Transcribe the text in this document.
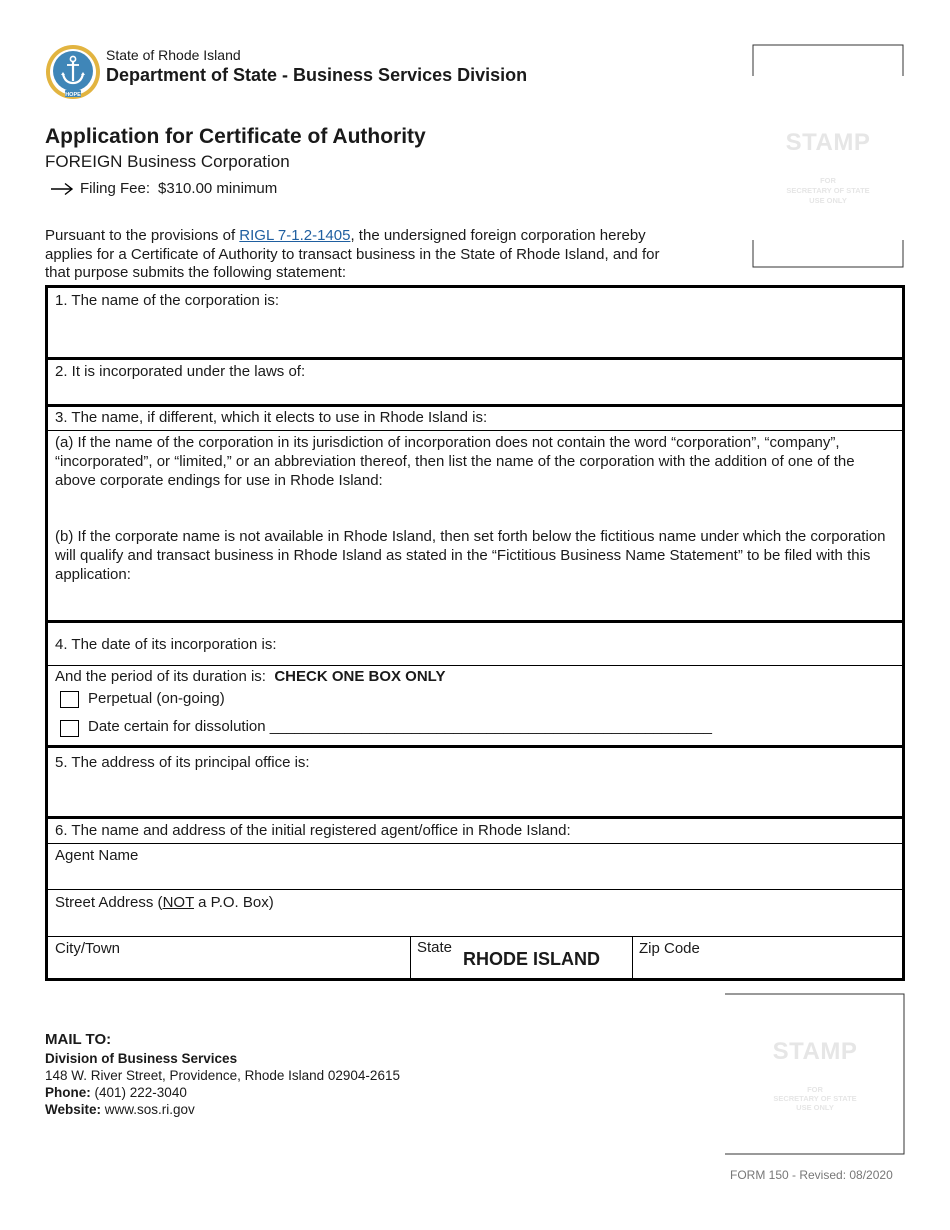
HOPE
State of Rhode Island
Department of State - Business Services Division
Application for Certificate of Authority
FOREIGN Business Corporation
Filing Fee: $310.00 minimum
STAMP
FOR
SECRETARY OF STATE
USE ONLY
Pursuant to the provisions of RIGL 7-1.2-1405, the undersigned foreign corporation hereby applies for a Certificate of Authority to transact business in the State of Rhode Island, and for that purpose submits the following statement:
1. The name of the corporation is:
2. It is incorporated under the laws of:
3. The name, if different, which it elects to use in Rhode Island is:
(a) If the name of the corporation in its jurisdiction of incorporation does not contain the word “corporation”, “company”, “incorporated”, or “limited,” or an abbreviation thereof, then list the name of the corporation with the addition of one of the above corporate endings for use in Rhode Island:
(b) If the corporate name is not available in Rhode Island, then set forth below the fictitious name under which the corporation will qualify and transact business in Rhode Island as stated in the “Fictitious Business Name Statement” to be filed with this application:
4. The date of its incorporation is:
And the period of its duration is: CHECK ONE BOX ONLY
Perpetual (on-going)
Date certain for dissolution _____________________________________________________
5. The address of its principal office is:
6. The name and address of the initial registered agent/office in Rhode Island:
Agent Name
Street Address (NOT a P.O. Box)
City/Town	State
RHODE ISLAND
Zip Code
STAMP
FOR
SECRETARY OF STATE
USE ONLY
MAIL TO:
Division of Business Services
148 W. River Street, Providence, Rhode Island 02904-2615
Phone: (401) 222-3040
Website: www.sos.ri.gov
FORM 150 - Revised: 08/2020
